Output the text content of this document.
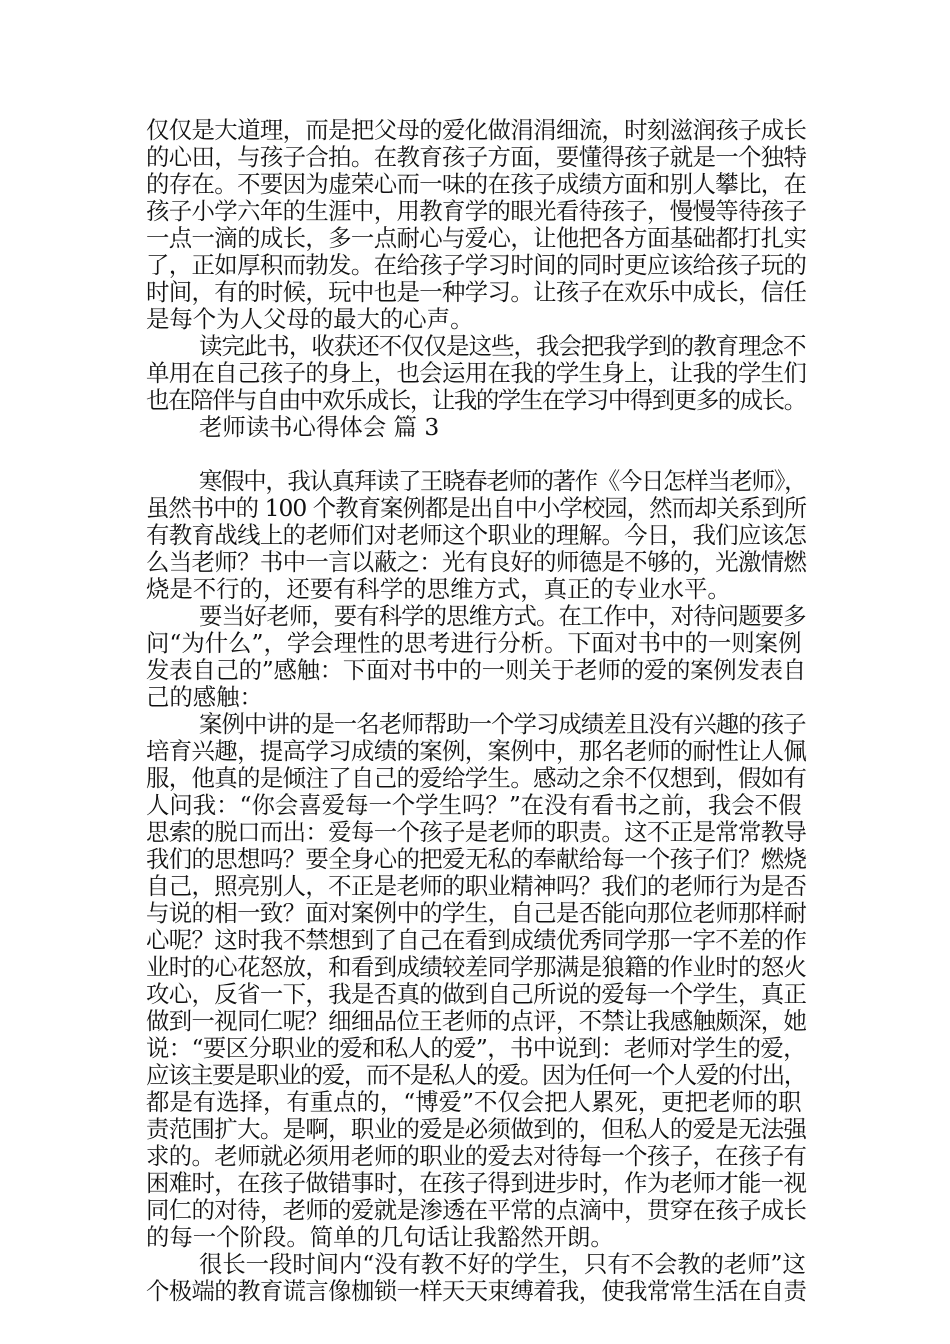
仅仅是大道理，而是把父母的爱化做涓涓细流，时刻滋润孩子成长
的心田，与孩子合拍。在教育孩子方面，要懂得孩子就是一个独特
的存在。不要因为虚荣心而一味的在孩子成绩方面和别人攀比，在
孩子小学六年的生涯中，用教育学的眼光看待孩子，慢慢等待孩子
一点一滴的成长，多一点耐心与爱心，让他把各方面基础都打扎实
了，正如厚积而勃发。在给孩子学习时间的同时更应该给孩子玩的
时间，有的时候，玩中也是一种学习。让孩子在欢乐中成长，信任
是每个为人父母的最大的心声。
读完此书，收获还不仅仅是这些，我会把我学到的教育理念不
单用在自己孩子的身上，也会运用在我的学生身上，让我的学生们
也在陪伴与自由中欢乐成长，让我的学生在学习中得到更多的成长。
老师读书心得体会 篇 3
寒假中，我认真拜读了王晓春老师的著作《今日怎样当老师》，
虽然书中的 100 个教育案例都是出自中小学校园，然而却关系到所
有教育战线上的老师们对老师这个职业的理解。今日，我们应该怎
么当老师？书中一言以蔽之：光有良好的师德是不够的，光激情燃
烧是不行的，还要有科学的思维方式，真正的专业水平。
要当好老师，要有科学的思维方式。在工作中，对待问题要多
问“为什么”，学会理性的思考进行分析。下面对书中的一则案例
发表自己的”感触：下面对书中的一则关于老师的爱的案例发表自
己的感触：
案例中讲的是一名老师帮助一个学习成绩差且没有兴趣的孩子
培育兴趣，提高学习成绩的案例，案例中，那名老师的耐性让人佩
服，他真的是倾注了自己的爱给学生。感动之余不仅想到，假如有
人问我：“你会喜爱每一个学生吗？”在没有看书之前，我会不假
思索的脱口而出：爱每一个孩子是老师的职责。这不正是常常教导
我们的思想吗？要全身心的把爱无私的奉献给每一个孩子们？燃烧
自己，照亮别人，不正是老师的职业精神吗？我们的老师行为是否
与说的相一致？面对案例中的学生，自己是否能向那位老师那样耐
心呢？这时我不禁想到了自己在看到成绩优秀同学那一字不差的作
业时的心花怒放，和看到成绩较差同学那满是狼籍的作业时的怒火
攻心，反省一下，我是否真的做到自己所说的爱每一个学生，真正
做到一视同仁呢？细细品位王老师的点评，不禁让我感触颇深，她
说：“要区分职业的爱和私人的爱”，书中说到：老师对学生的爱，
应该主要是职业的爱，而不是私人的爱。因为任何一个人爱的付出，
都是有选择，有重点的，“博爱”不仅会把人累死，更把老师的职
责范围扩大。是啊，职业的爱是必须做到的，但私人的爱是无法强
求的。老师就必须用老师的职业的爱去对待每一个孩子，在孩子有
困难时，在孩子做错事时，在孩子得到进步时，作为老师才能一视
同仁的对待，老师的爱就是渗透在平常的点滴中，贯穿在孩子成长
的每一个阶段。简单的几句话让我豁然开朗。
很长一段时间内“没有教不好的学生，只有不会教的老师”这
个极端的教育谎言像枷锁一样天天束缚着我，使我常常生活在自责
